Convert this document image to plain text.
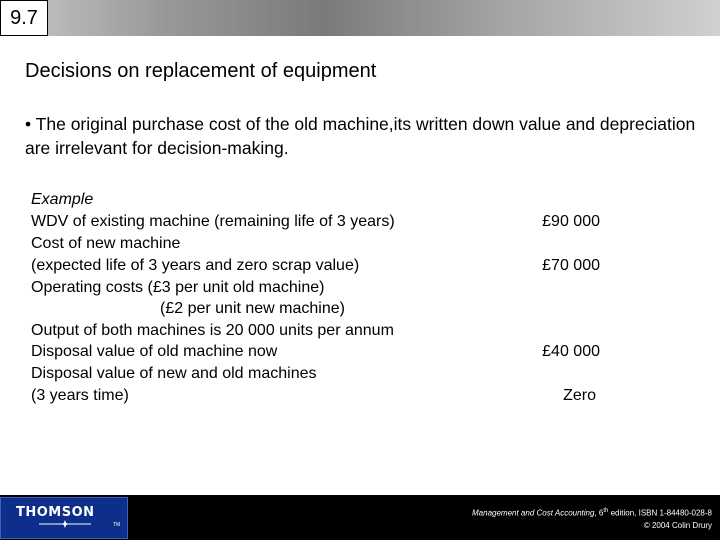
9.7
Decisions on replacement of equipment
• The original purchase cost of the old machine,its written down value and depreciation are irrelevant for decision-making.
Example
WDV of existing machine (remaining life of 3 years)	£90 000
Cost of new machine
(expected life of 3 years and zero scrap value)	£70 000
Operating costs (£3 per unit old machine)
(£2 per unit new machine)
Output of both machines is 20 000 units per annum
Disposal value of old machine now	£40 000
Disposal value of new and old machines
(3 years time)	Zero
THOMSON
TM
Management and Cost Accounting, 6th edition, ISBN 1-84480-028-8
© 2004 Colin Drury
